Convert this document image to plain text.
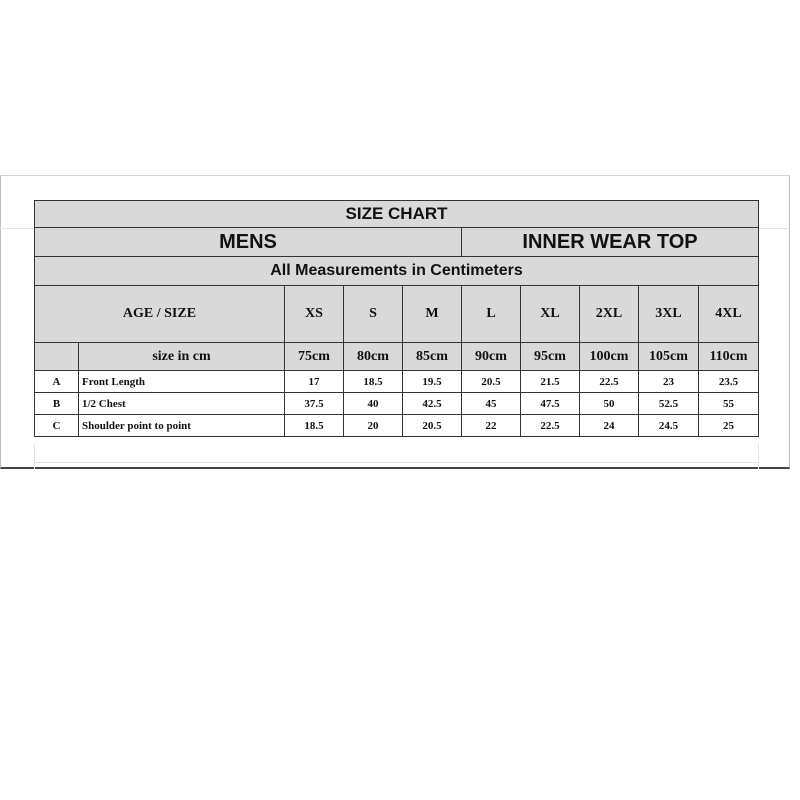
SIZE CHART									
MENS					INNER WEAR TOP				
All Measurements in Centimeters									
AGE / SIZE		XS	S	M	L	XL	2XL	3XL	4XL
	size in cm	75cm	80cm	85cm	90cm	95cm	100cm	105cm	110cm
A	Front Length	17	18.5	19.5	20.5	21.5	22.5	23	23.5
B	1/2 Chest	37.5	40	42.5	45	47.5	50	52.5	55
C	Shoulder point to point	18.5	20	20.5	22	22.5	24	24.5	25
